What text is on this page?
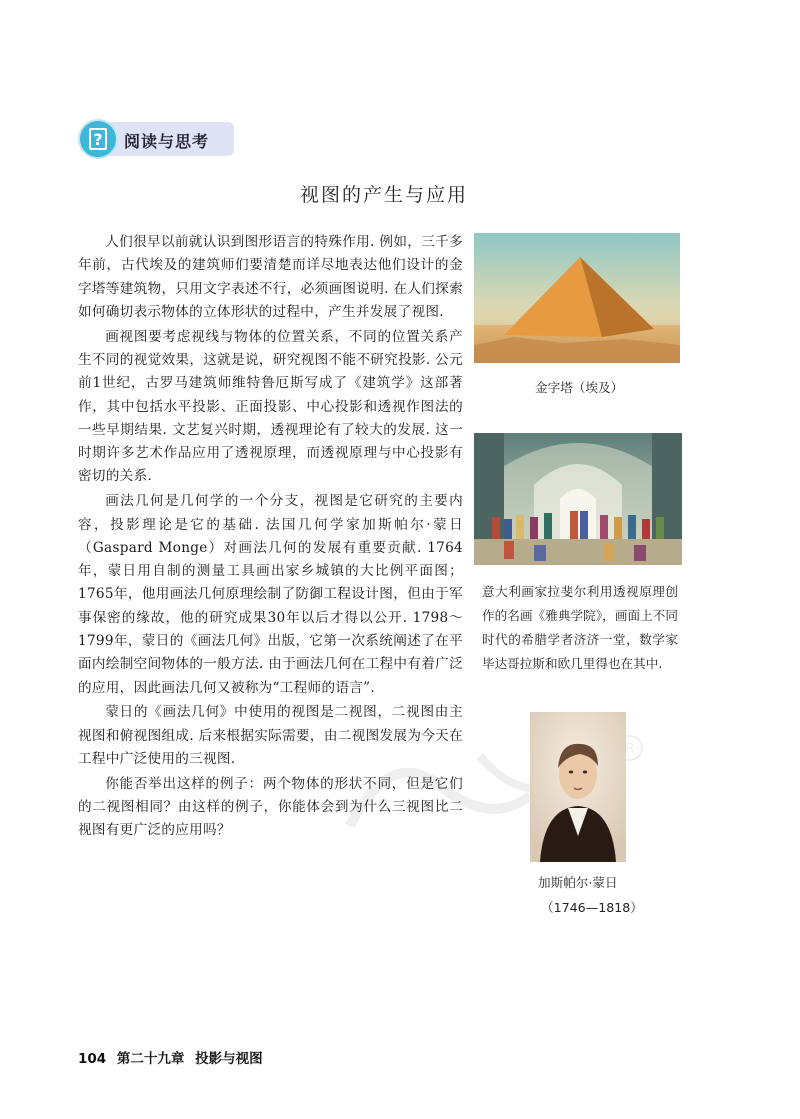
? 阅读与思考
视图的产生与应用

人们很早以前就认识到图形语言的特殊作用. 例如，三千多年前，古代埃及的建筑师们要清楚而详尽地表达他们设计的金字塔等建筑物，只用文字表述不行，必须画图说明. 在人们探索如何确切表示物体的立体形状的过程中，产生并发展了视图.

画视图要考虑视线与物体的位置关系，不同的位置关系产生不同的视觉效果，这就是说，研究视图不能不研究投影. 公元前1世纪，古罗马建筑师维特鲁厄斯写成了《建筑学》这部著作，其中包括水平投影、正面投影、中心投影和透视作图法的一些早期结果. 文艺复兴时期，透视理论有了较大的发展. 这一时期许多艺术作品应用了透视原理，而透视原理与中心投影有密切的关系.

画法几何是几何学的一个分支，视图是它研究的主要内容，投影理论是它的基础. 法国几何学家加斯帕尔·蒙日（Gaspard Monge）对画法几何的发展有重要贡献. 1764年，蒙日用自制的测量工具画出家乡城镇的大比例平面图；1765年，他用画法几何原理绘制了防御工程设计图，但由于军事保密的缘故，他的研究成果30年以后才得以公开. 1798～1799年，蒙日的《画法几何》出版，它第一次系统阐述了在平面内绘制空间物体的一般方法. 由于画法几何在工程中有着广泛的应用，因此画法几何又被称为“工程师的语言”.

蒙日的《画法几何》中使用的视图是二视图，二视图由主视图和俯视图组成. 后来根据实际需要，由二视图发展为今天在工程中广泛使用的三视图.

你能否举出这样的例子：两个物体的形状不同，但是它们的二视图相同？由这样的例子，你能体会到为什么三视图比二视图有更广泛的应用吗？

金字塔（埃及）
意大利画家拉斐尔利用透视原理创作的名画《雅典学院》，画面上不同时代的希腊学者济济一堂，数学家毕达哥拉斯和欧几里得也在其中.
R
加斯帕尔·蒙日
（1746—1818）
104 第二十九章 投影与视图
